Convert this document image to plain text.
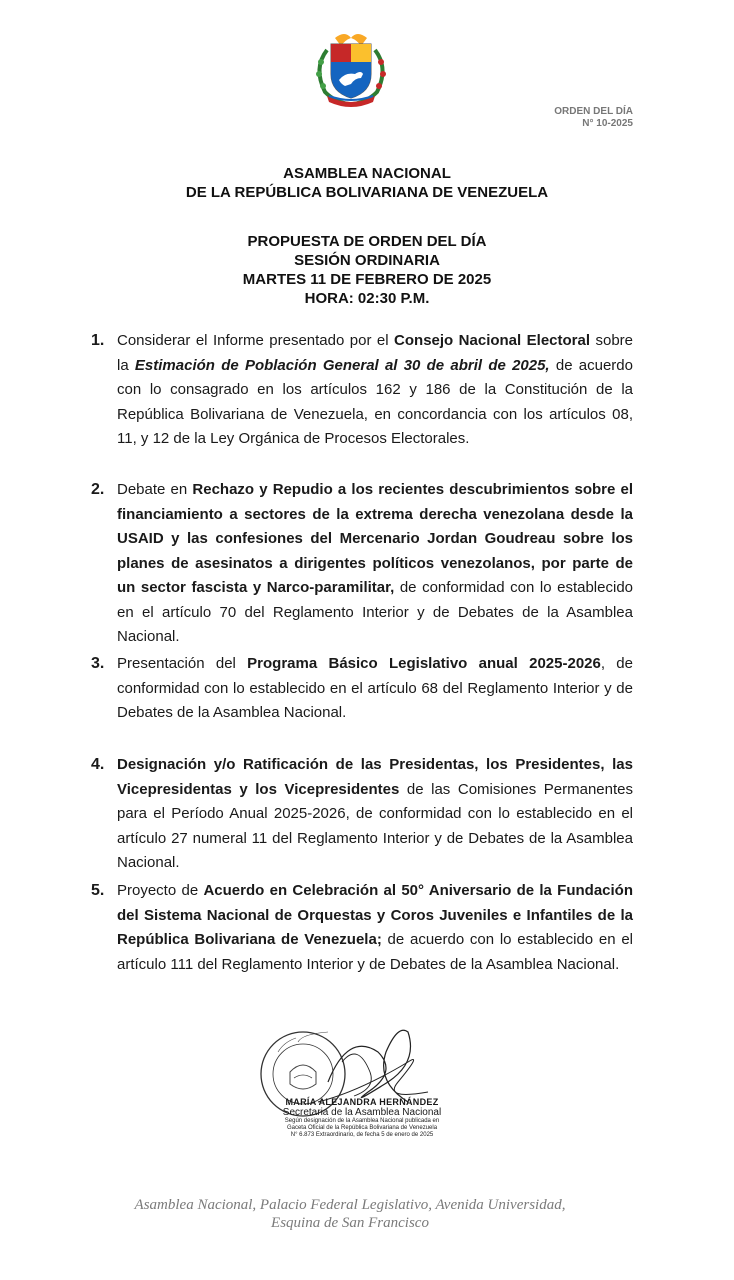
ORDEN DEL DÍA
N° 10-2025
ASAMBLEA NACIONAL
DE LA REPÚBLICA BOLIVARIANA DE VENEZUELA
PROPUESTA DE ORDEN DEL DÍA
SESIÓN ORDINARIA
MARTES 11 DE FEBRERO DE 2025
HORA: 02:30 P.M.
1. Considerar el Informe presentado por el Consejo Nacional Electoral sobre la Estimación de Población General al 30 de abril de 2025, de acuerdo con lo consagrado en los artículos 162 y 186 de la Constitución de la República Bolivariana de Venezuela, en concordancia con los artículos 08, 11, y 12 de la Ley Orgánica de Procesos Electorales.
2. Debate en Rechazo y Repudio a los recientes descubrimientos sobre el financiamiento a sectores de la extrema derecha venezolana desde la USAID y las confesiones del Mercenario Jordan Goudreau sobre los planes de asesinatos a dirigentes políticos venezolanos, por parte de un sector fascista y Narco-paramilitar, de conformidad con lo establecido en el artículo 70 del Reglamento Interior y de Debates de la Asamblea Nacional.
3. Presentación del Programa Básico Legislativo anual 2025-2026, de conformidad con lo establecido en el artículo 68 del Reglamento Interior y de Debates de la Asamblea Nacional.
4. Designación y/o Ratificación de las Presidentas, los Presidentes, las Vicepresidentas y los Vicepresidentes de las Comisiones Permanentes para el Período Anual 2025-2026, de conformidad con lo establecido en el artículo 27 numeral 11 del Reglamento Interior y de Debates de la Asamblea Nacional.
5. Proyecto de Acuerdo en Celebración al 50° Aniversario de la Fundación del Sistema Nacional de Orquestas y Coros Juveniles e Infantiles de la República Bolivariana de Venezuela; de acuerdo con lo establecido en el artículo 111 del Reglamento Interior y de Debates de la Asamblea Nacional.
MARÍA ALEJANDRA HERNÁNDEZ
Secretaria de la Asamblea Nacional
Según designación de la Asamblea Nacional publicada en
Gaceta Oficial de la República Bolivariana de Venezuela
N° 6.873 Extraordinario, de fecha 5 de enero de 2025
Asamblea Nacional, Palacio Federal Legislativo, Avenida Universidad,
Esquina de San Francisco
